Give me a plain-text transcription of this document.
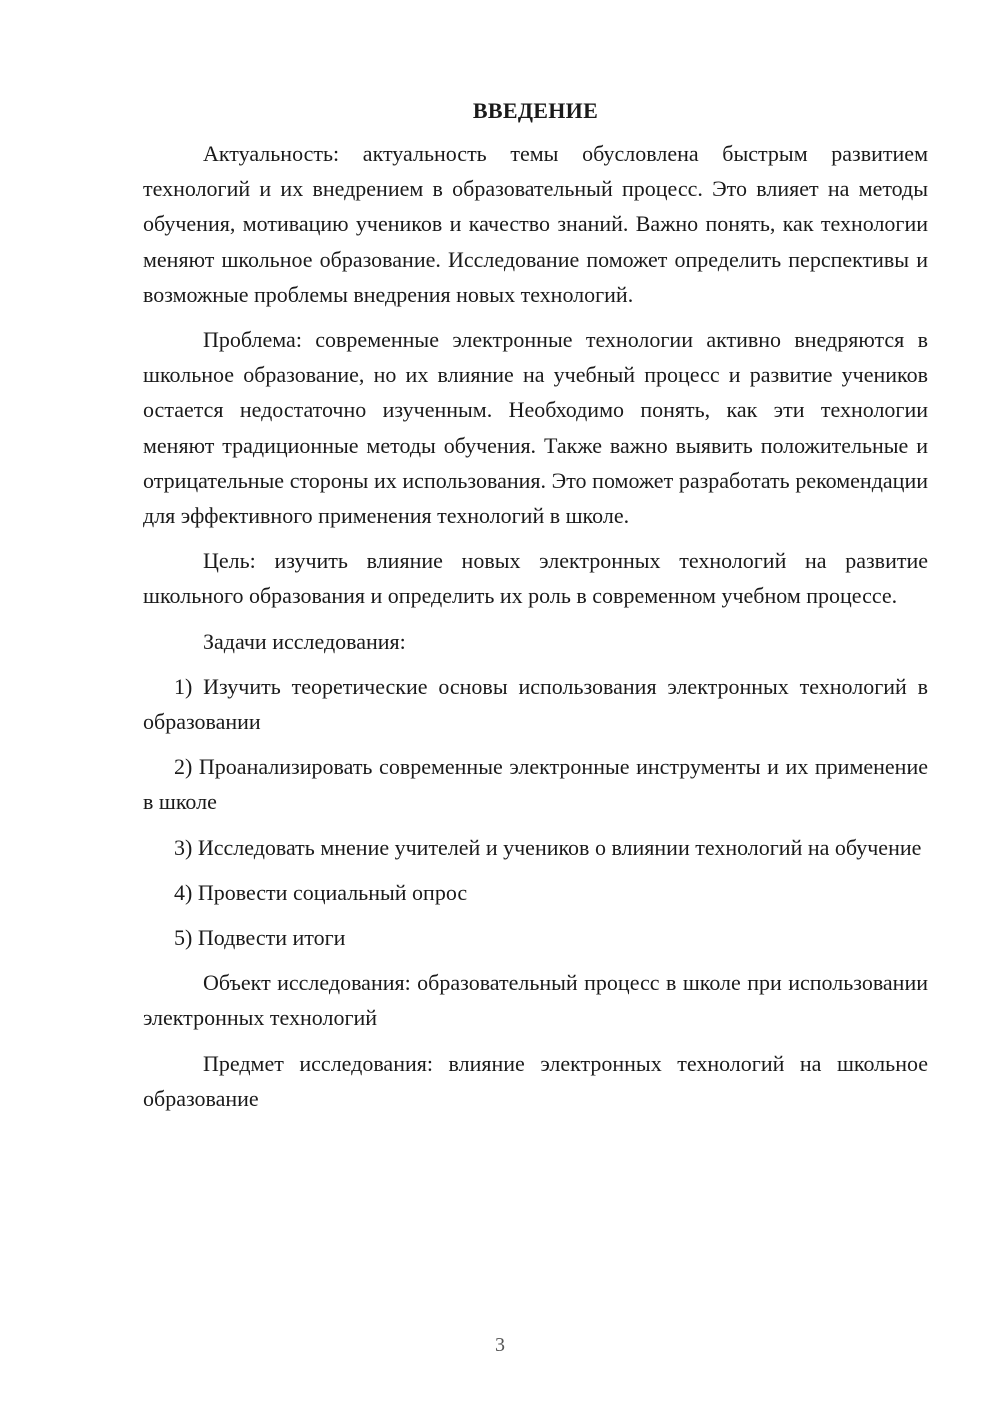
ВВЕДЕНИЕ

Актуальность: актуальность темы обусловлена быстрым развитием технологий и их внедрением в образовательный процесс. Это влияет на методы обучения, мотивацию учеников и качество знаний. Важно понять, как технологии меняют школьное образование. Исследование поможет определить перспективы и возможные проблемы внедрения новых технологий.

Проблема: современные электронные технологии активно внедряются в школьное образование, но их влияние на учебный процесс и развитие учеников остается недостаточно изученным. Необходимо понять, как эти технологии меняют традиционные методы обучения. Также важно выявить положительные и отрицательные стороны их использования. Это поможет разработать рекомендации для эффективного применения технологий в школе.

Цель: изучить влияние новых электронных технологий на развитие школьного образования и определить их роль в современном учебном процессе.

Задачи исследования:

1) Изучить теоретические основы использования электронных технологий в образовании

2) Проанализировать современные электронные инструменты и их применение в школе

3) Исследовать мнение учителей и учеников о влиянии технологий на обучение

4) Провести социальный опрос

5) Подвести итоги

Объект исследования: образовательный процесс в школе при использовании электронных технологий

Предмет исследования: влияние электронных технологий на школьное образование

3
